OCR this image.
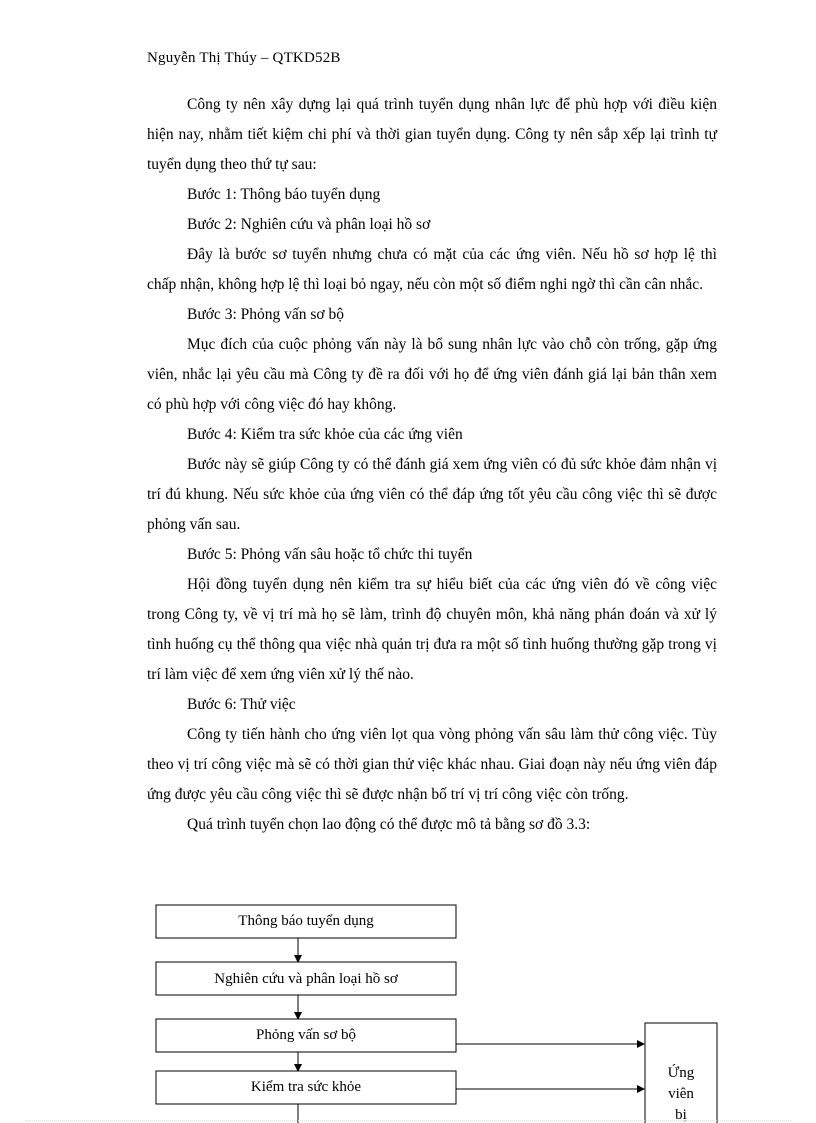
Nguyễn Thị Thúy – QTKD52B

Công ty nên xây dựng lại quá trình tuyển dụng nhân lực để phù hợp với điều kiện hiện nay, nhằm tiết kiệm chi phí và thời gian tuyển dụng. Công ty nên sắp xếp lại trình tự tuyển dụng theo thứ tự sau:

Bước 1: Thông báo tuyển dụng

Bước 2: Nghiên cứu và phân loại hồ sơ

Đây là bước sơ tuyển nhưng chưa có mặt của các ứng viên. Nếu hồ sơ hợp lệ thì chấp nhận, không hợp lệ thì loại bỏ ngay, nếu còn một số điểm nghi ngờ thì cần cân nhắc.

Bước 3: Phỏng vấn sơ bộ

Mục đích của cuộc phỏng vấn này là bổ sung nhân lực vào chỗ còn trống, gặp ứng viên, nhắc lại yêu cầu mà Công ty đề ra đối với họ để ứng viên đánh giá lại bản thân xem có phù hợp với công việc đó hay không.

Bước 4: Kiểm tra sức khỏe của các ứng viên

Bước này sẽ giúp Công ty có thể đánh giá xem ứng viên có đủ sức khỏe đảm nhận vị trí đú khung. Nếu sức khỏe của ứng viên có thể đáp ứng tốt yêu cầu công việc thì sẽ được phỏng vấn sau.

Bước 5: Phỏng vấn sâu hoặc tổ chức thi tuyển

Hội đồng tuyển dụng nên kiểm tra sự hiểu biết của các ứng viên đó về công việc trong Công ty, về vị trí mà họ sẽ làm, trình độ chuyên môn, khả năng phán đoán và xử lý tình huống cụ thể thông qua việc nhà quản trị đưa ra một số tình huống thường gặp trong vị trí làm việc để xem ứng viên xử lý thế nào.

Bước 6: Thử việc

Công ty tiến hành cho ứng viên lọt qua vòng phỏng vấn sâu làm thử công việc. Tùy theo vị trí công việc mà sẽ có thời gian thử việc khác nhau. Giai đoạn này nếu ứng viên đáp ứng được yêu cầu công việc thì sẽ được nhận bố trí vị trí công việc còn trống.

Quá trình tuyển chọn lao động có thể được mô tả bằng sơ đồ 3.3:

Thông báo tuyển dụng
Nghiên cứu và phân loại hồ sơ
Phỏng vấn sơ bộ
Kiểm tra sức khỏe
Ứng
viên
bị
